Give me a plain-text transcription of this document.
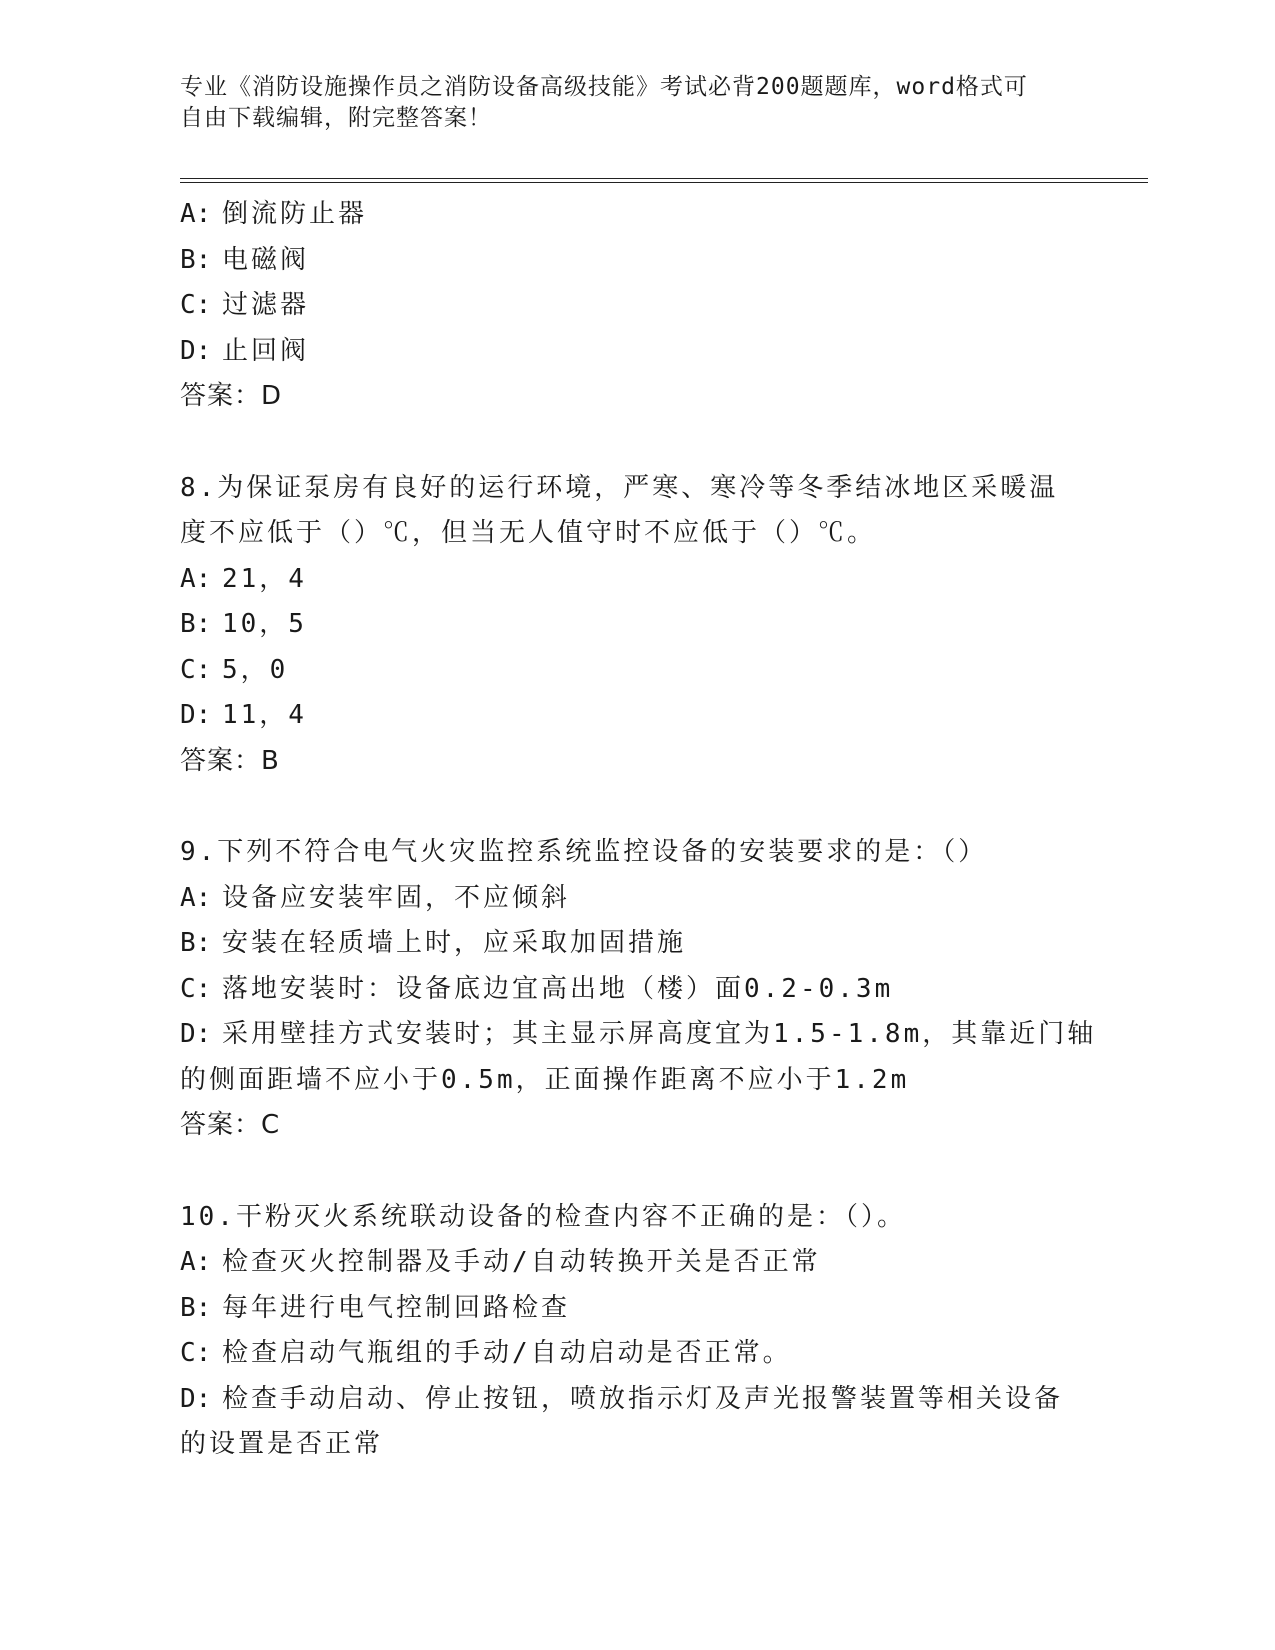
专业《消防设施操作员之消防设备高级技能》考试必背200题题库，word格式可
自由下载编辑，附完整答案！
A: 倒流防止器
B: 电磁阀
C: 过滤器
D: 止回阀
答案：D
8.为保证泵房有良好的运行环境，严寒、寒冷等冬季结冰地区采暖温
度不应低于（）℃，但当无人值守时不应低于（）℃。
A: 21，4
B: 10，5
C: 5，0
D: 11，4
答案：B
9.下列不符合电气火灾监控系统监控设备的安装要求的是：（）
A: 设备应安装牢固，不应倾斜
B: 安装在轻质墙上时，应采取加固措施
C: 落地安装时：设备底边宜高出地（楼）面0.2-0.3m
D: 采用壁挂方式安装时；其主显示屏高度宜为1.5-1.8m，其靠近门轴
的侧面距墙不应小于0.5m，正面操作距离不应小于1.2m
答案：C
10.干粉灭火系统联动设备的检查内容不正确的是：（）。
A: 检查灭火控制器及手动/自动转换开关是否正常
B: 每年进行电气控制回路检查
C: 检查启动气瓶组的手动/自动启动是否正常。
D: 检查手动启动、停止按钮，喷放指示灯及声光报警装置等相关设备
的设置是否正常
